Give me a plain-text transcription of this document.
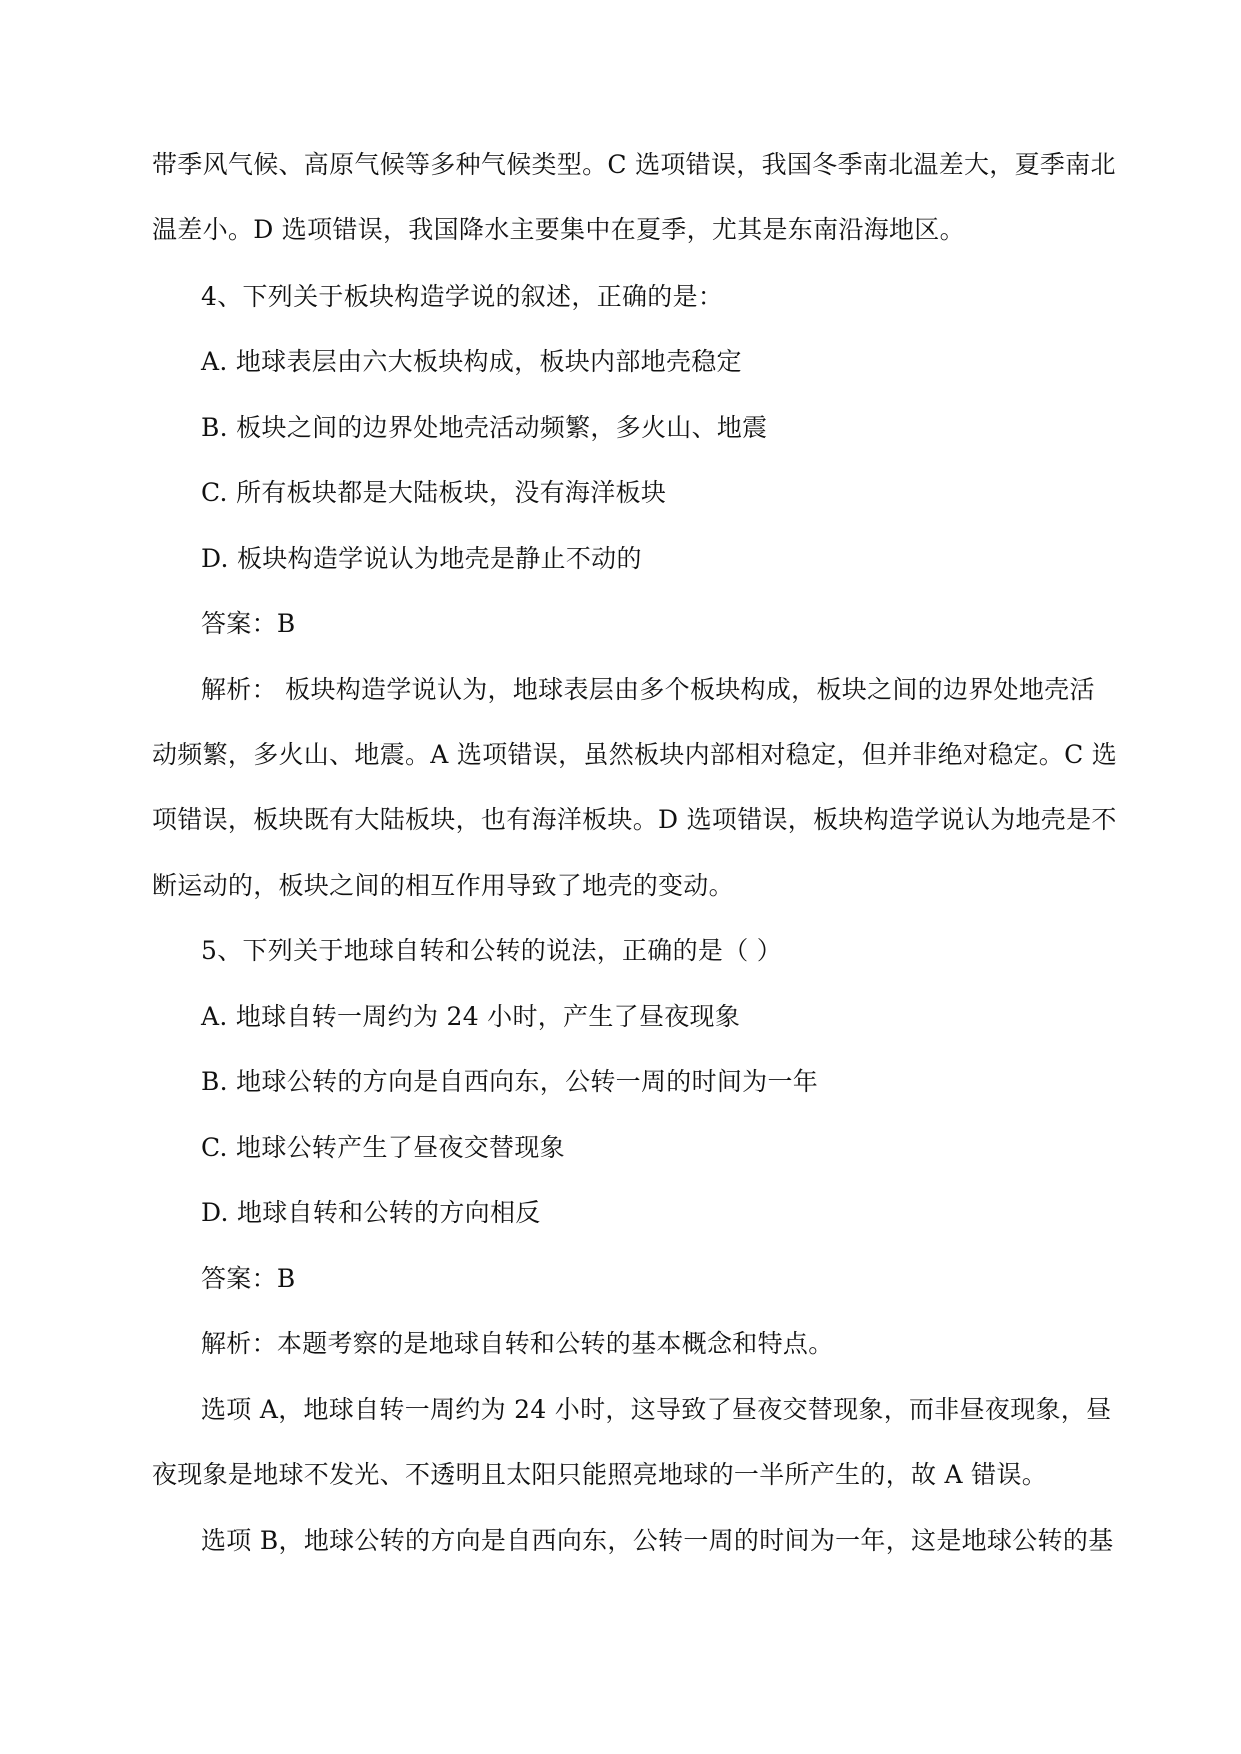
带季风气候、高原气候等多种气候类型。C 选项错误，我国冬季南北温差大，夏季南北

温差小。D 选项错误，我国降水主要集中在夏季，尤其是东南沿海地区。

4、下列关于板块构造学说的叙述，正确的是：

A. 地球表层由六大板块构成，板块内部地壳稳定

B. 板块之间的边界处地壳活动频繁，多火山、地震

C. 所有板块都是大陆板块，没有海洋板块

D. 板块构造学说认为地壳是静止不动的

答案：B

解析： 板块构造学说认为，地球表层由多个板块构成，板块之间的边界处地壳活

动频繁，多火山、地震。A 选项错误，虽然板块内部相对稳定，但并非绝对稳定。C 选

项错误，板块既有大陆板块，也有海洋板块。D 选项错误，板块构造学说认为地壳是不

断运动的，板块之间的相互作用导致了地壳的变动。

5、下列关于地球自转和公转的说法，正确的是（ ）

A. 地球自转一周约为 24 小时，产生了昼夜现象

B. 地球公转的方向是自西向东，公转一周的时间为一年

C. 地球公转产生了昼夜交替现象

D. 地球自转和公转的方向相反

答案：B

解析：本题考察的是地球自转和公转的基本概念和特点。

选项 A，地球自转一周约为 24 小时，这导致了昼夜交替现象，而非昼夜现象，昼

夜现象是地球不发光、不透明且太阳只能照亮地球的一半所产生的，故 A 错误。

选项 B，地球公转的方向是自西向东，公转一周的时间为一年，这是地球公转的基
